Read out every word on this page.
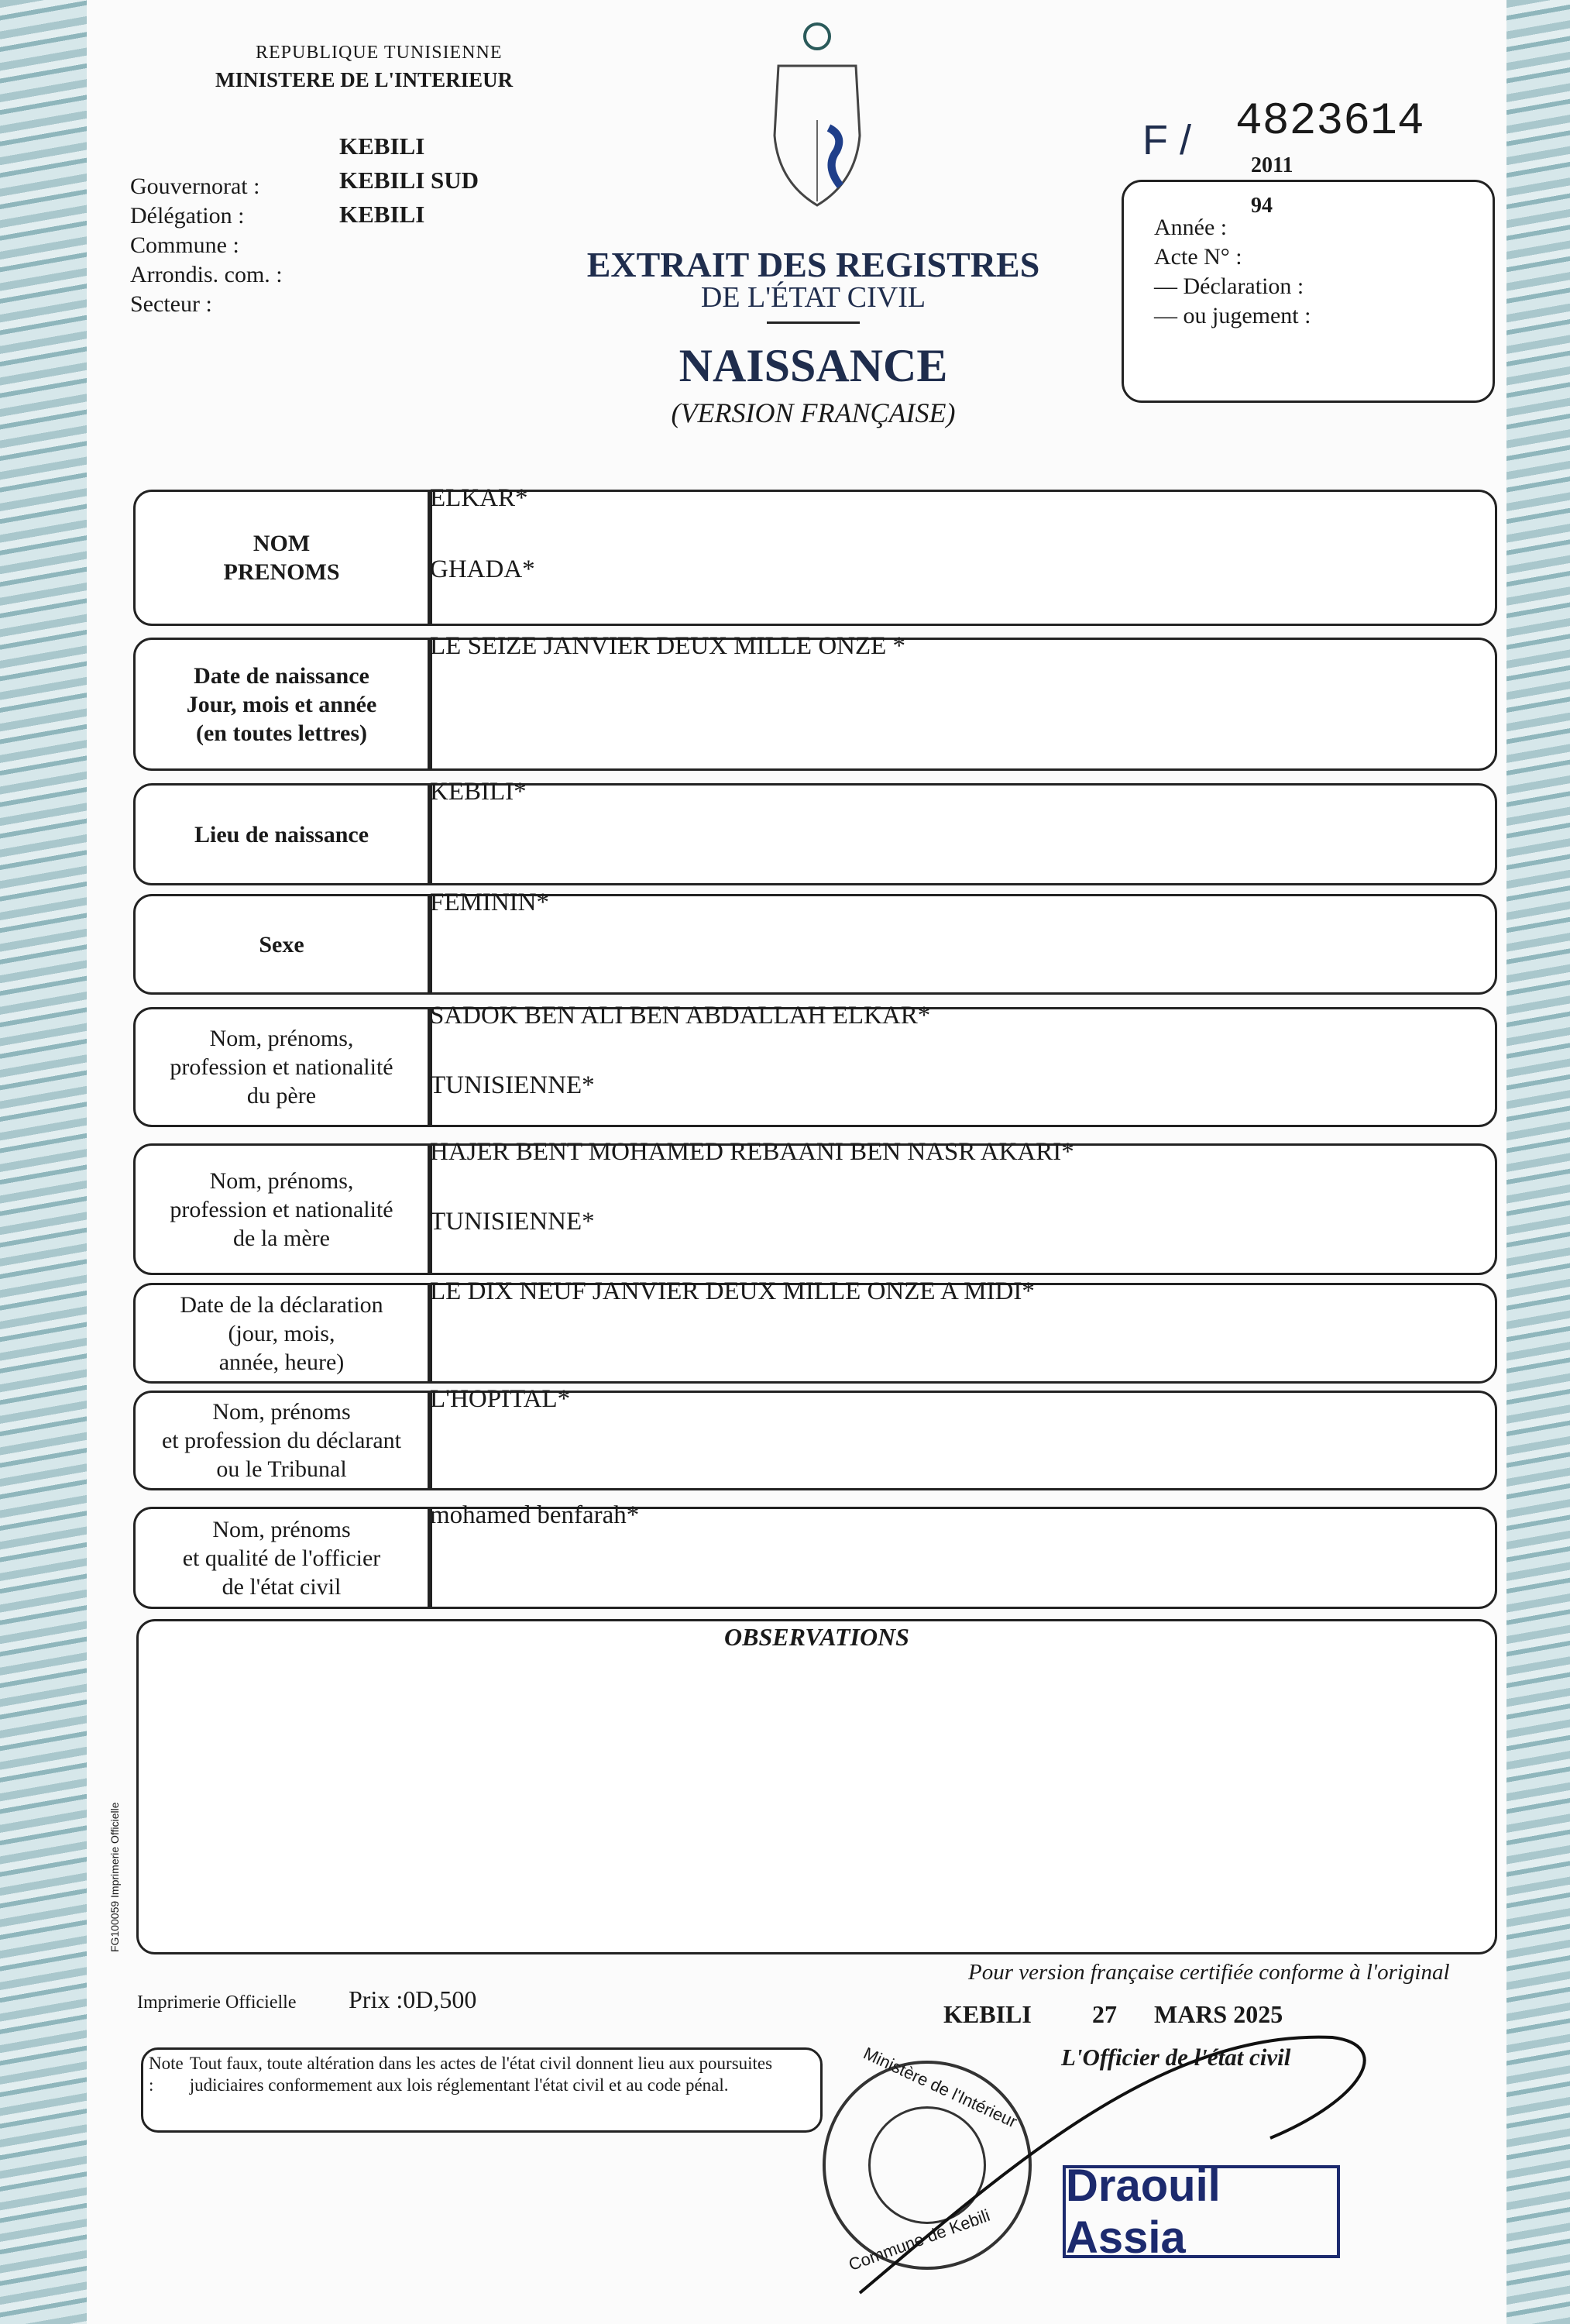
REPUBLIQUE TUNISIENNE
MINISTERE DE L'INTERIEUR
Gouvernorat :
Délégation :
Commune :
Arrondis. com. :
Secteur :
KEBILI
KEBILI SUD
KEBILI
F / 4823614
2011
94
Année :
Acte N° :
— Déclaration :
— ou jugement :
EXTRAIT DES REGISTRES
DE L'ÉTAT CIVIL
NAISSANCE
(VERSION FRANÇAISE)
NOM
PRENOMS
ELKAR*
GHADA*
Date de naissance
Jour, mois et année
(en toutes lettres)
LE SEIZE JANVIER DEUX MILLE ONZE *
Lieu de naissance
KEBILI*
Sexe
FEMININ*
Nom, prénoms,
profession et nationalité
du père
SADOK BEN ALI BEN ABDALLAH ELKAR*
TUNISIENNE*
Nom, prénoms,
profession et nationalité
de la mère
HAJER BENT MOHAMED REBAANI BEN NASR AKARI*
TUNISIENNE*
Date de la déclaration
(jour, mois,
année, heure)
LE DIX NEUF JANVIER DEUX MILLE ONZE A MIDI*
Nom, prénoms
et profession du déclarant
ou le Tribunal
L'HOPITAL*
Nom, prénoms
et qualité de l'officier
de l'état civil
mohamed benfarah*
OBSERVATIONS
FG100059 Imprimerie Officielle
Imprimerie Officielle Prix :0D,500
Pour version française certifiée conforme à l'original
KEBILI 27 MARS 2025
L'Officier de l'état civil
Note :
Tout faux, toute altération dans les actes de l'état civil donnent lieu aux poursuites judiciaires conformement aux lois réglementant l'état civil et au code pénal.	Ministère de l'Intérieur
Commune de Kebili
Draouil Assia
